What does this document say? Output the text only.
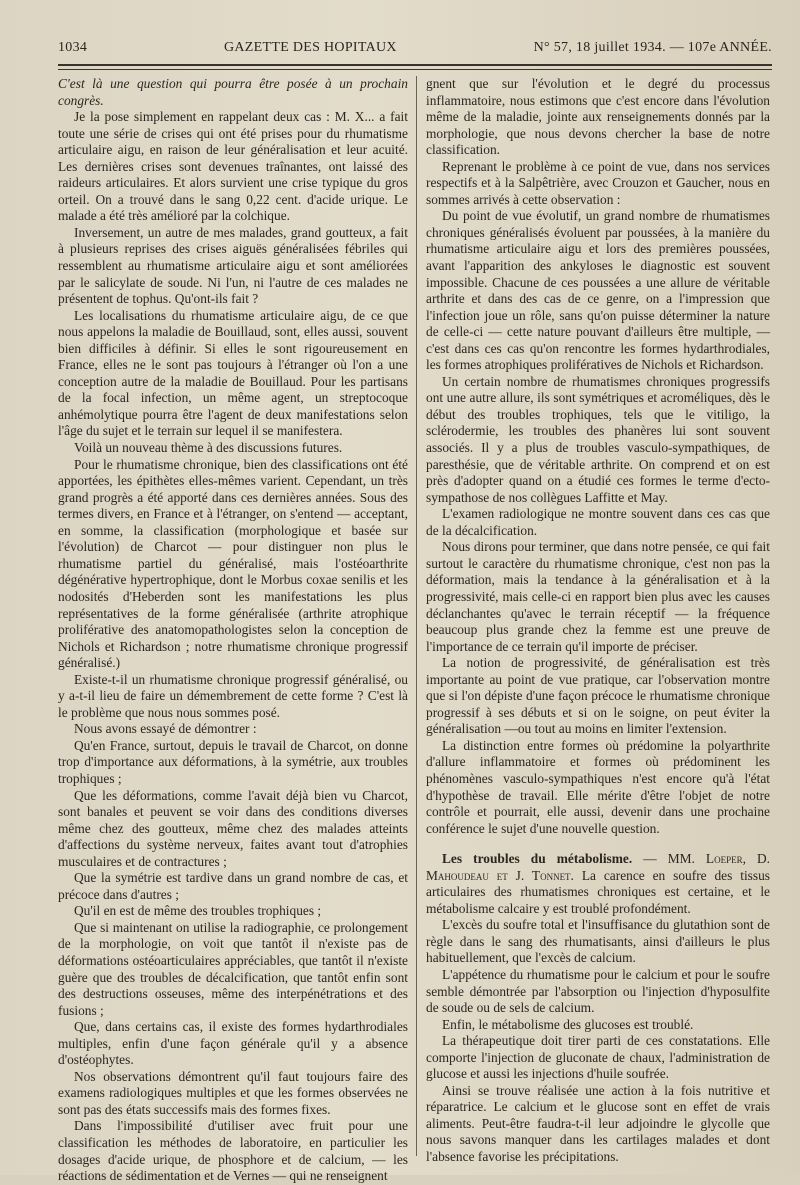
1034	GAZETTE DES HOPITAUX	N° 57, 18 juillet 1934. — 107e ANNÉE.

C'est là une question qui pourra être posée à un prochain congrès.

Je la pose simplement en rappelant deux cas : M. X... a fait toute une série de crises qui ont été prises pour du rhumatisme articulaire aigu, en raison de leur généralisation et leur acuité. Les dernières crises sont devenues traînantes, ont laissé des raideurs articulaires. Et alors survient une crise typique du gros orteil. On a trouvé dans le sang 0,22 cent. d'acide urique. Le malade a été très amélioré par la colchique.

Inversement, un autre de mes malades, grand goutteux, a fait à plusieurs reprises des crises aiguës généralisées fébriles qui ressemblent au rhumatisme articulaire aigu et sont améliorées par le salicylate de soude. Ni l'un, ni l'autre de ces malades ne présentent de tophus. Qu'ont-ils fait ?

Les localisations du rhumatisme articulaire aigu, de ce que nous appelons la maladie de Bouillaud, sont, elles aussi, souvent bien difficiles à définir. Si elles le sont rigoureusement en France, elles ne le sont pas toujours à l'étranger où l'on a une conception autre de la maladie de Bouillaud. Pour les partisans de la focal infection, un même agent, un streptocoque anhémolytique pourra être l'agent de deux manifestations selon l'âge du sujet et le terrain sur lequel il se manifestera.

Voilà un nouveau thème à des discussions futures.

Pour le rhumatisme chronique, bien des classifications ont été apportées, les épithètes elles-mêmes varient. Cependant, un très grand progrès a été apporté dans ces dernières années. Sous des termes divers, en France et à l'étranger, on s'entend — acceptant, en somme, la classification (morphologique et basée sur l'évolution) de Charcot — pour distinguer non plus le rhumatisme partiel du généralisé, mais l'ostéoarthrite dégénérative hypertrophique, dont le Morbus coxae senilis et les nodosités d'Heberden sont les manifestations les plus représentatives de la forme généralisée (arthrite atrophique proliférative des anatomopathologistes selon la conception de Nichols et Richardson ; notre rhumatisme chronique progressif généralisé.)

Existe-t-il un rhumatisme chronique progressif généralisé, ou y a-t-il lieu de faire un démembrement de cette forme ? C'est là le problème que nous nous sommes posé.

Nous avons essayé de démontrer :

Qu'en France, surtout, depuis le travail de Charcot, on donne trop d'importance aux déformations, à la symétrie, aux troubles trophiques ;

Que les déformations, comme l'avait déjà bien vu Charcot, sont banales et peuvent se voir dans des conditions diverses même chez des goutteux, même chez des malades atteints d'affections du système nerveux, faites avant tout d'atrophies musculaires et de contractures ;

Que la symétrie est tardive dans un grand nombre de cas, et précoce dans d'autres ;

Qu'il en est de même des troubles trophiques ;

Que si maintenant on utilise la radiographie, ce prolongement de la morphologie, on voit que tantôt il n'existe pas de déformations ostéoarticulaires appréciables, que tantôt il n'existe guère que des troubles de décalcification, que tantôt enfin sont des destructions osseuses, même des interpénétrations et des fusions ;

Que, dans certains cas, il existe des formes hydarthrodiales multiples, enfin d'une façon générale qu'il y a absence d'ostéophytes.

Nos observations démontrent qu'il faut toujours faire des examens radiologiques multiples et que les formes observées ne sont pas des états successifs mais des formes fixes.

Dans l'impossibilité d'utiliser avec fruit pour une classification les méthodes de laboratoire, en particulier les dosages d'acide urique, de phosphore et de calcium, — les réactions de sédimentation et de Vernes — qui ne renseignent

gnent que sur l'évolution et le degré du processus inflammatoire, nous estimons que c'est encore dans l'évolution même de la maladie, jointe aux renseignements donnés par la morphologie, que nous devons chercher la base de notre classification.

Reprenant le problème à ce point de vue, dans nos services respectifs et à la Salpêtrière, avec Crouzon et Gaucher, nous en sommes arrivés à cette observation :

Du point de vue évolutif, un grand nombre de rhumatismes chroniques généralisés évoluent par poussées, à la manière du rhumatisme articulaire aigu et lors des premières poussées, avant l'apparition des ankyloses le diagnostic est souvent impossible. Chacune de ces poussées a une allure de véritable arthrite et dans des cas de ce genre, on a l'impression que l'infection joue un rôle, sans qu'on puisse déterminer la nature de celle-ci — cette nature pouvant d'ailleurs être multiple, — c'est dans ces cas qu'on rencontre les formes hydarthrodiales, les formes atrophiques prolifératives de Nichols et Richardson.

Un certain nombre de rhumatismes chroniques progressifs ont une autre allure, ils sont symétriques et acroméliques, dès le début des troubles trophiques, tels que le vitiligo, la sclérodermie, les troubles des phanères lui sont souvent associés. Il y a plus de troubles vasculo-sympathiques, de paresthésie, que de véritable arthrite. On comprend et on est près d'adopter quand on a étudié ces formes le terme d'ecto-sympathose de nos collègues Laffitte et May.

L'examen radiologique ne montre souvent dans ces cas que de la décalcification.

Nous dirons pour terminer, que dans notre pensée, ce qui fait surtout le caractère du rhumatisme chronique, c'est non pas la déformation, mais la tendance à la généralisation et à la progressivité, mais celle-ci en rapport bien plus avec les causes déclanchantes qu'avec le terrain réceptif — la fréquence beaucoup plus grande chez la femme est une preuve de l'importance de ce terrain qu'il importe de préciser.

La notion de progressivité, de généralisation est très importante au point de vue pratique, car l'observation montre que si l'on dépiste d'une façon précoce le rhumatisme chronique progressif à ses débuts et si on le soigne, on peut éviter la généralisation —ou tout au moins en limiter l'extension.

La distinction entre formes où prédomine la polyarthrite d'allure inflammatoire et formes où prédominent les phénomènes vasculo-sympathiques n'est encore qu'à l'état d'hypothèse de travail. Elle mérite d'être l'objet de notre contrôle et pourrait, elle aussi, devenir dans une prochaine conférence le sujet d'une nouvelle question.

Les troubles du métabolisme. — MM. Loeper, D. Mahoudeau et J. Tonnet. La carence en soufre des tissus articulaires des rhumatismes chroniques est certaine, et le métabolisme calcaire y est troublé profondément.

L'excès du soufre total et l'insuffisance du glutathion sont de règle dans le sang des rhumatisants, ainsi d'ailleurs le plus habituellement, que l'excès de calcium.

L'appétence du rhumatisme pour le calcium et pour le soufre semble démontrée par l'absorption ou l'injection d'hyposulfite de soude ou de sels de calcium.

Enfin, le métabolisme des glucoses est troublé.

La thérapeutique doit tirer parti de ces constatations. Elle comporte l'injection de gluconate de chaux, l'administration de glucose et aussi les injections d'huile soufrée.

Ainsi se trouve réalisée une action à la fois nutritive et réparatrice. Le calcium et le glucose sont en effet de vrais aliments. Peut-être faudra-t-il leur adjoindre le glycolle que nous savons manquer dans les cartilages malades et dont l'absence favorise les précipitations.
